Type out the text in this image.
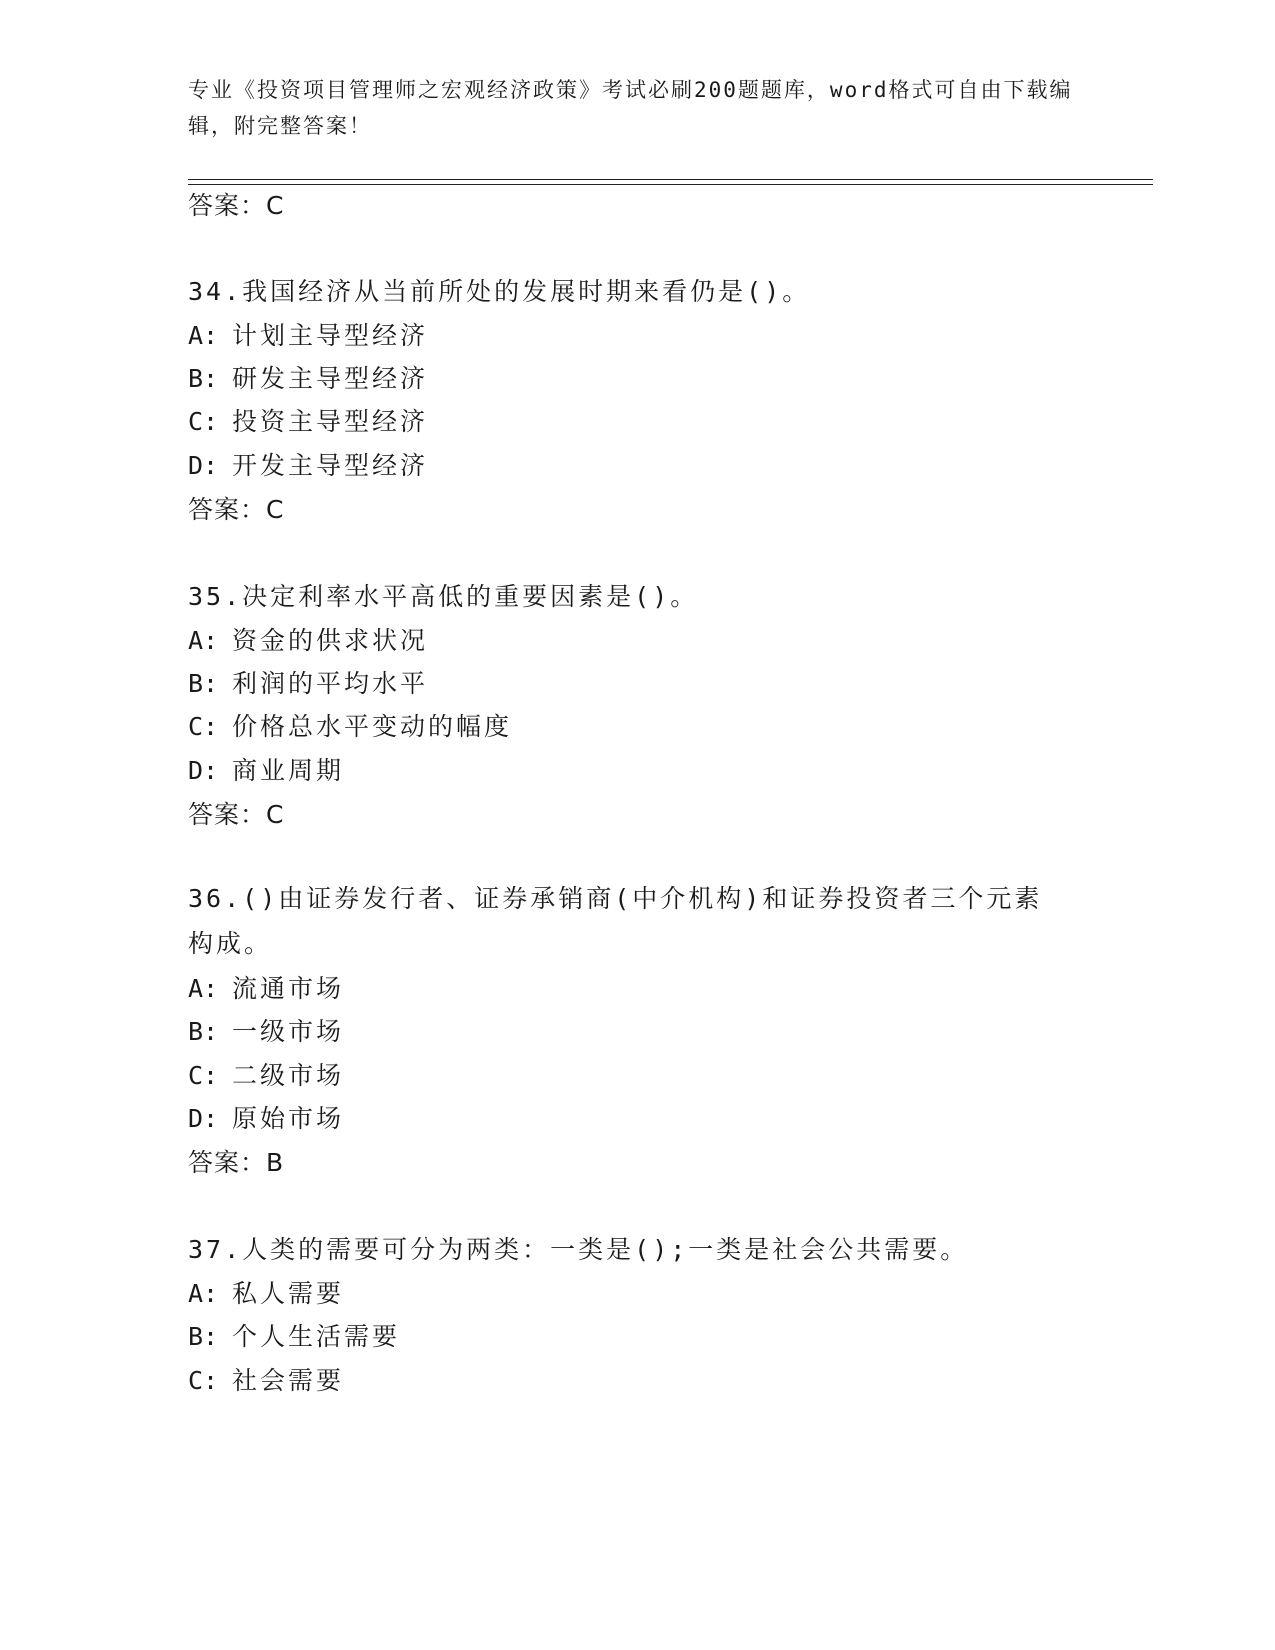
专业《投资项目管理师之宏观经济政策》考试必刷200题题库，word格式可自由下载编辑，附完整答案！
答案：C
34.我国经济从当前所处的发展时期来看仍是()。
A: 计划主导型经济
B: 研发主导型经济
C: 投资主导型经济
D: 开发主导型经济
答案：C
35.决定利率水平高低的重要因素是()。
A: 资金的供求状况
B: 利润的平均水平
C: 价格总水平变动的幅度
D: 商业周期
答案：C
36.()由证券发行者、证券承销商(中介机构)和证券投资者三个元素构成。
A: 流通市场
B: 一级市场
C: 二级市场
D: 原始市场
答案：B
37.人类的需要可分为两类：一类是();一类是社会公共需要。
A: 私人需要
B: 个人生活需要
C: 社会需要
